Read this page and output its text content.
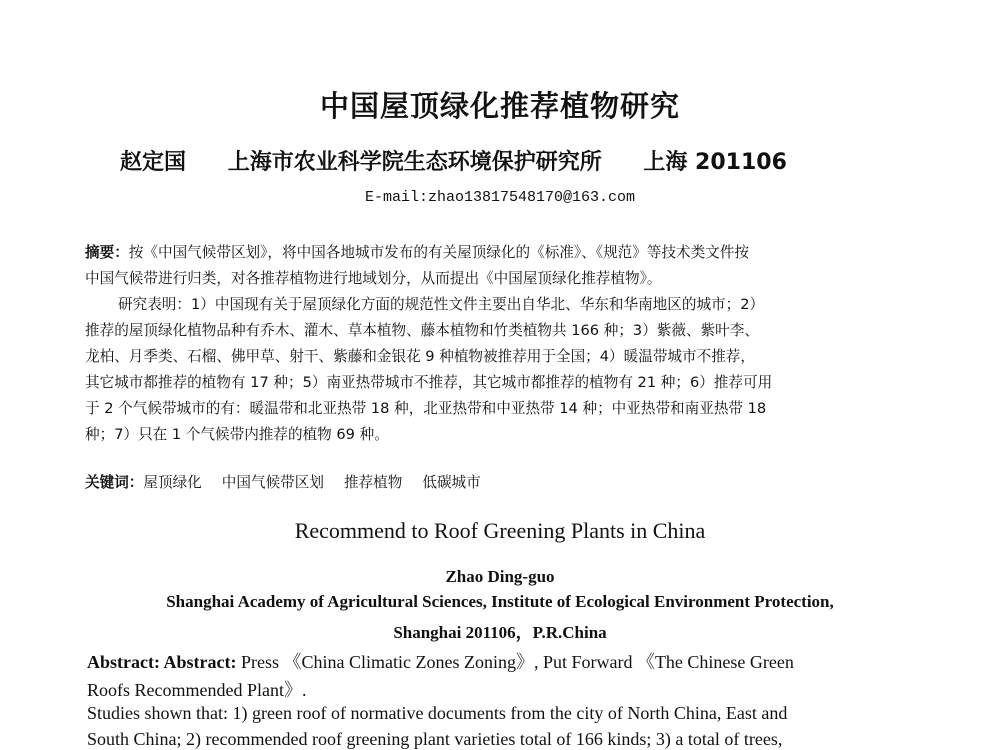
中国屋顶绿化推荐植物研究
赵定国 上海市农业科学院生态环境保护研究所 上海 201106
E-mail:zhao13817548170@163.com
摘要：按《中国气候带区划》，将中国各地城市发布的有关屋顶绿化的《标准》、《规范》等技术类文件按
中国气候带进行归类，对各推荐植物进行地域划分，从而提出《中国屋顶绿化推荐植物》。
研究表明：1）中国现有关于屋顶绿化方面的规范性文件主要出自华北、华东和华南地区的城市；2）
推荐的屋顶绿化植物品种有乔木、灌木、草本植物、藤本植物和竹类植物共 166 种；3）紫薇、紫叶李、
龙柏、月季类、石榴、佛甲草、射干、紫藤和金银花 9 种植物被推荐用于全国；4）暖温带城市不推荐，
其它城市都推荐的植物有 17 种；5）南亚热带城市不推荐，其它城市都推荐的植物有 21 种；6）推荐可用
于 2 个气候带城市的有：暖温带和北亚热带 18 种，北亚热带和中亚热带 14 种；中亚热带和南亚热带 18
种；7）只在 1 个气候带内推荐的植物 69 种。
关键词：屋顶绿化 中国气候带区划 推荐植物 低碳城市
Recommend to Roof Greening Plants in China
Zhao Ding-guo
Shanghai Academy of Agricultural Sciences, Institute of Ecological Environment Protection,
Shanghai 201106，P.R.China
Abstract: Abstract: Press 《China Climatic Zones Zoning》, Put Forward 《The Chinese Green
Roofs Recommended Plant》.
Studies shown that: 1) green roof of normative documents from the city of North China, East and
South China; 2) recommended roof greening plant varieties total of 166 kinds; 3) a total of trees,
